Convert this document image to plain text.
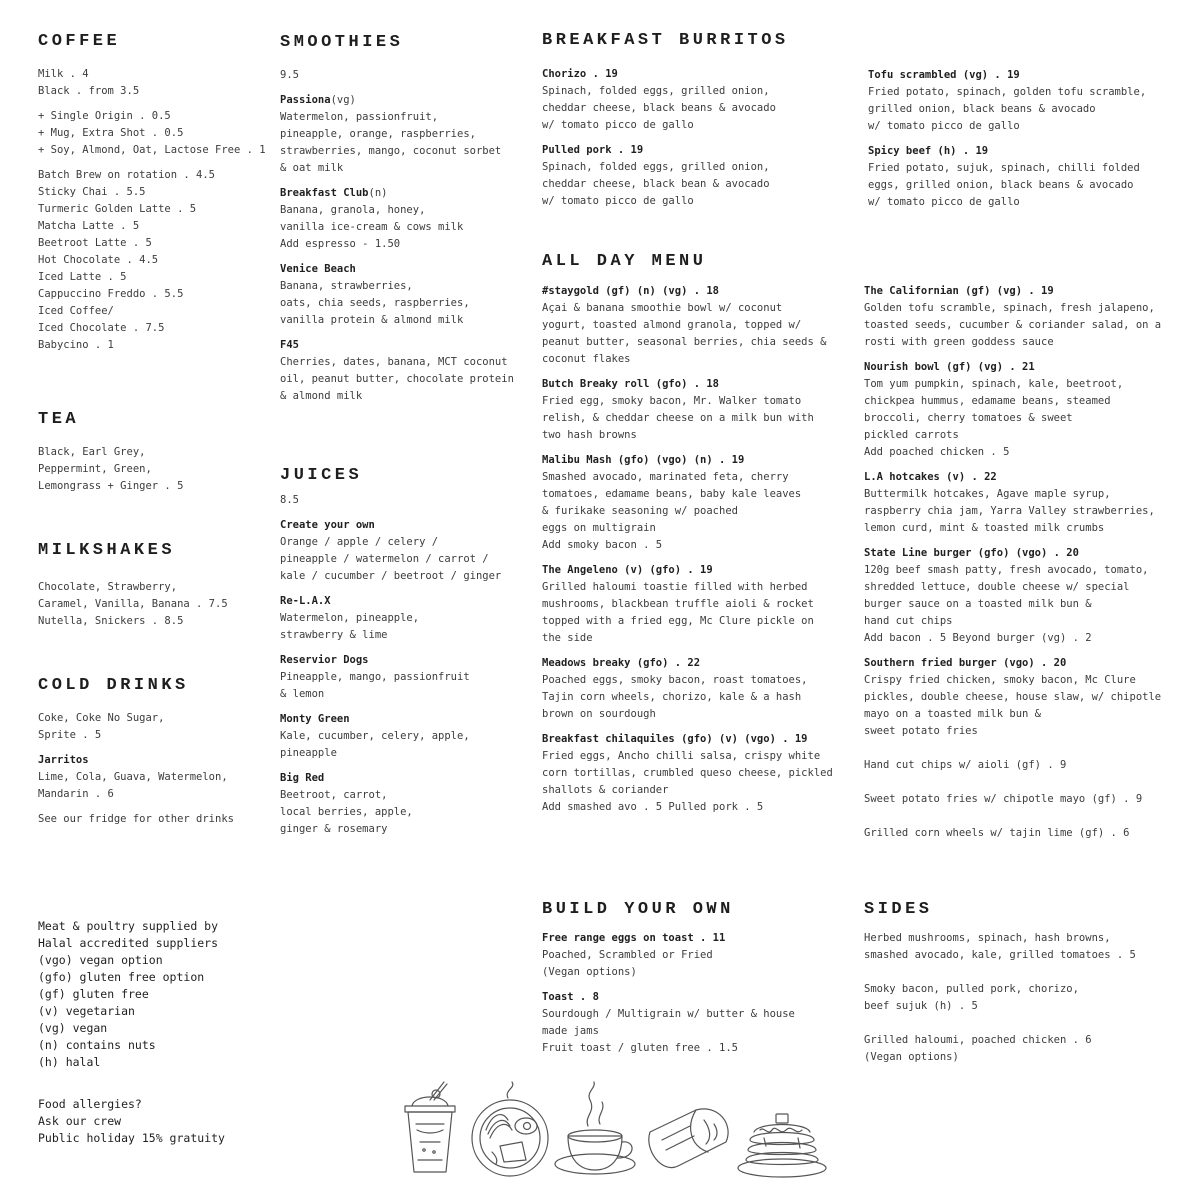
COFFEE
Milk . 4
Black . from 3.5
+ Single Origin . 0.5
+ Mug, Extra Shot . 0.5
+ Soy, Almond, Oat, Lactose Free . 1
Batch Brew on rotation . 4.5
Sticky Chai . 5.5
Turmeric Golden Latte . 5
Matcha Latte . 5
Beetroot Latte . 5
Hot Chocolate . 4.5
Iced Latte . 5
Cappuccino Freddo . 5.5
Iced Coffee/
Iced Chocolate . 7.5
Babycino . 1
TEA
Black, Earl Grey,
Peppermint, Green,
Lemongrass + Ginger . 5
MILKSHAKES
Chocolate, Strawberry,
Caramel, Vanilla, Banana . 7.5
Nutella, Snickers . 8.5
COLD DRINKS
Coke, Coke No Sugar,
Sprite . 5
Jarritos
Lime, Cola, Guava, Watermelon,
Mandarin . 6
See our fridge for other drinks
Meat & poultry supplied by
Halal accredited suppliers
(vgo) vegan option
(gfo) gluten free option
(gf) gluten free
(v) vegetarian
(vg) vegan
(n) contains nuts
(h) halal
Food allergies?
Ask our crew
Public holiday 15% gratuity
SMOOTHIES
9.5
Passiona(vg)
Watermelon, passionfruit,
pineapple, orange, raspberries,
strawberries, mango, coconut sorbet
& oat milk
Breakfast Club(n)
Banana, granola, honey,
vanilla ice-cream & cows milk
Add espresso - 1.50
Venice Beach
Banana, strawberries,
oats, chia seeds, raspberries,
vanilla protein & almond milk
F45
Cherries, dates, banana, MCT coconut
oil, peanut butter, chocolate protein
& almond milk
JUICES
8.5
Create your own
Orange / apple / celery /
pineapple / watermelon / carrot /
kale / cucumber / beetroot / ginger
Re-L.A.X
Watermelon, pineapple,
strawberry & lime
Reservior Dogs
Pineapple, mango, passionfruit
& lemon
Monty Green
Kale, cucumber, celery, apple,
pineapple
Big Red
Beetroot, carrot,
local berries, apple,
ginger & rosemary
BREAKFAST BURRITOS
Chorizo . 19
Spinach, folded eggs, grilled onion,
cheddar cheese, black beans & avocado
w/ tomato picco de gallo
Pulled pork . 19
Spinach, folded eggs, grilled onion,
cheddar cheese, black bean & avocado
w/ tomato picco de gallo
Tofu scrambled (vg) . 19
Fried potato, spinach, golden tofu scramble,
grilled onion, black beans & avocado
w/ tomato picco de gallo
Spicy beef (h) . 19
Fried potato, sujuk, spinach, chilli folded
eggs, grilled onion, black beans & avocado
w/ tomato picco de gallo
ALL DAY MENU
#staygold (gf) (n) (vg) . 18
Açai & banana smoothie bowl w/ coconut
yogurt, toasted almond granola, topped w/
peanut butter, seasonal berries, chia seeds &
coconut flakes
Butch Breaky roll (gfo) . 18
Fried egg, smoky bacon, Mr. Walker tomato
relish, & cheddar cheese on a milk bun with
two hash browns
Malibu Mash (gfo) (vgo) (n) . 19
Smashed avocado, marinated feta, cherry
tomatoes, edamame beans, baby kale leaves
& furikake seasoning w/ poached
eggs on multigrain
Add smoky bacon . 5
The Angeleno (v) (gfo) . 19
Grilled haloumi toastie filled with herbed
mushrooms, blackbean truffle aioli & rocket
topped with a fried egg, Mc Clure pickle on
the side
Meadows breaky (gfo) . 22
Poached eggs, smoky bacon, roast tomatoes,
Tajin corn wheels, chorizo, kale & a hash
brown on sourdough
Breakfast chilaquiles (gfo) (v) (vgo) . 19
Fried eggs, Ancho chilli salsa, crispy white
corn tortillas, crumbled queso cheese, pickled
shallots & coriander
Add smashed avo . 5 Pulled pork . 5
The Californian (gf) (vg) . 19
Golden tofu scramble, spinach, fresh jalapeno,
toasted seeds, cucumber & coriander salad, on a
rosti with green goddess sauce
Nourish bowl (gf) (vg) . 21
Tom yum pumpkin, spinach, kale, beetroot,
chickpea hummus, edamame beans, steamed
broccoli, cherry tomatoes & sweet
pickled carrots
Add poached chicken . 5
L.A hotcakes (v) . 22
Buttermilk hotcakes, Agave maple syrup,
raspberry chia jam, Yarra Valley strawberries,
lemon curd, mint & toasted milk crumbs
State Line burger (gfo) (vgo) . 20
120g beef smash patty, fresh avocado, tomato,
shredded lettuce, double cheese w/ special
burger sauce on a toasted milk bun &
hand cut chips
Add bacon . 5 Beyond burger (vg) . 2
Southern fried burger (vgo) . 20
Crispy fried chicken, smoky bacon, Mc Clure
pickles, double cheese, house slaw, w/ chipotle
mayo on a toasted milk bun &
sweet potato fries
Hand cut chips w/ aioli (gf) . 9
Sweet potato fries w/ chipotle mayo (gf) . 9
Grilled corn wheels w/ tajin lime (gf) . 6
BUILD YOUR OWN
Free range eggs on toast . 11
Poached, Scrambled or Fried
(Vegan options)
Toast . 8
Sourdough / Multigrain w/ butter & house
made jams
Fruit toast / gluten free . 1.5
SIDES
Herbed mushrooms, spinach, hash browns,
smashed avocado, kale, grilled tomatoes . 5
Smoky bacon, pulled pork, chorizo,
beef sujuk (h) . 5
Grilled haloumi, poached chicken . 6
(Vegan options)
